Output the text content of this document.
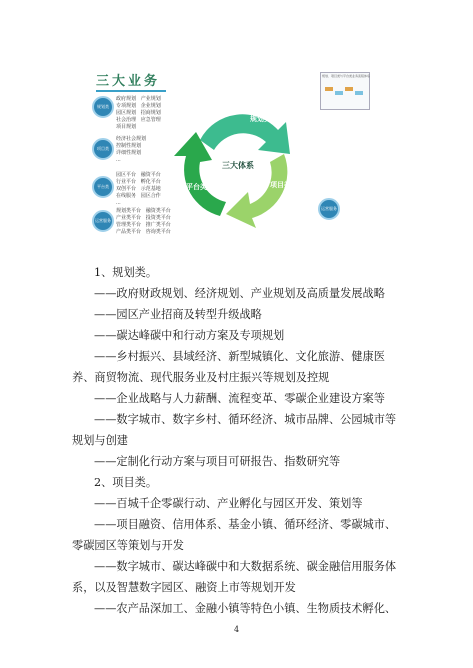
三大业务
规划类
政府规划   产业规划
专项规划   企业规划
园区规划   招商规划
社会治理   应急管理
项目规划
项目类
经济社会规划
控制性规划
详细性规划
...
平台类
园区平台   融资平台
行业平台   孵化平台
双创平台   示范基地
在线服务   园区合作
...
运营服务
规划类平台   融资类平台
产业类平台   投资类平台
管理类平台   推广类平台
产品类平台   咨询类平台
规划类
项目类
平台类
三大体系
规划、项目类与平台类业务流程体系
运营服务
1、规划类。
——政府财政规划、经济规划、产业规划及高质量发展战略
——园区产业招商及转型升级战略
——碳达峰碳中和行动方案及专项规划
——乡村振兴、县域经济、新型城镇化、文化旅游、健康医
养、商贸物流、现代服务业及村庄振兴等规划及控规
——企业战略与人力薪酬、流程变革、零碳企业建设方案等
——数字城市、数字乡村、循环经济、城市品牌、公园城市等
规划与创建
——定制化行动方案与项目可研报告、指数研究等
2、项目类。
——百城千企零碳行动、产业孵化与园区开发、策划等
——项目融资、信用体系、基金小镇、循环经济、零碳城市、
零碳园区等策划与开发
——数字城市、碳达峰碳中和大数据系统、碳金融信用服务体
系，以及智慧数字园区、融资上市等规划开发
——农产品深加工、金融小镇等特色小镇、生物质技术孵化、
4
